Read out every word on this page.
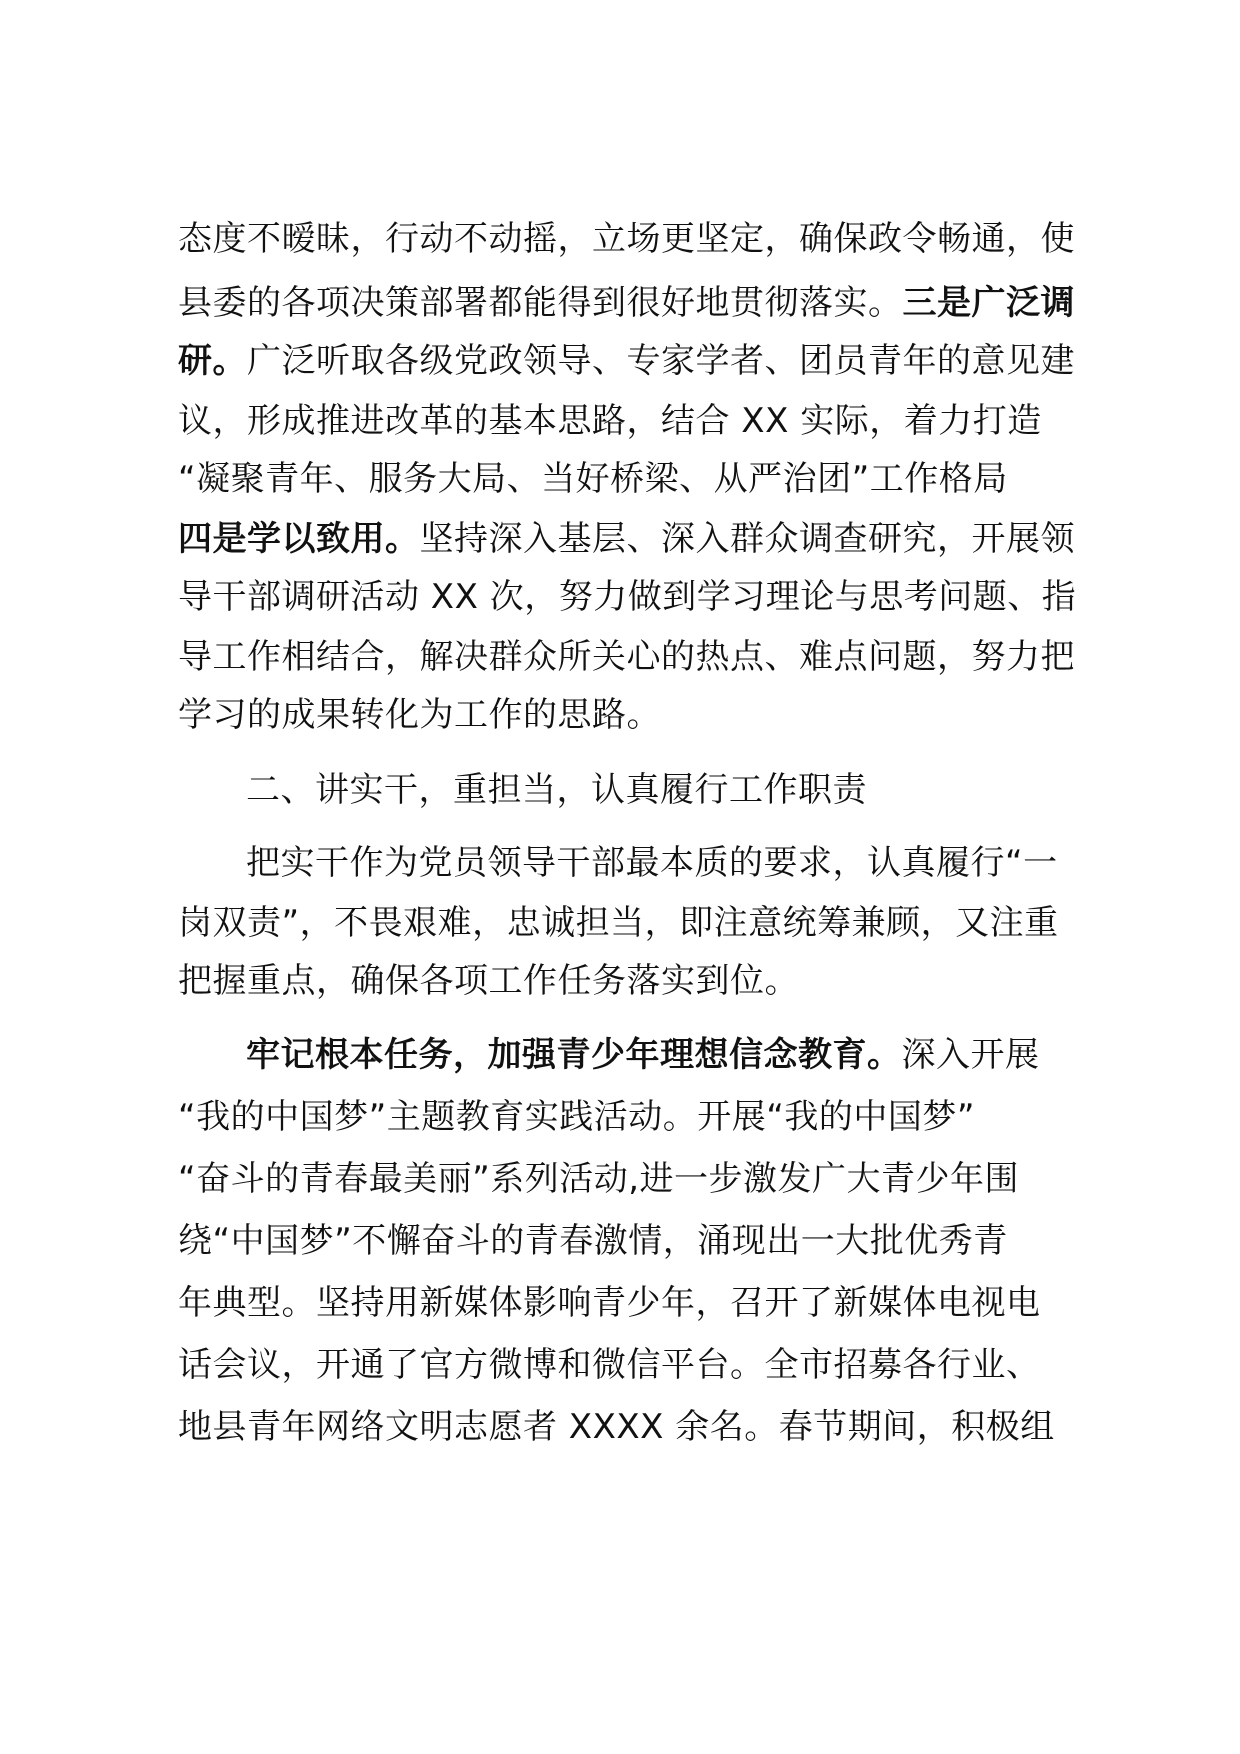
态度不暧昧，行动不动摇，立场更坚定，确保政令畅通，使
县委的各项决策部署都能得到很好地贯彻落实。三是广泛调
研。广泛听取各级党政领导、专家学者、团员青年的意见建
议，形成推进改革的基本思路，结合 XX 实际，着力打造
“凝聚青年、服务大局、当好桥梁、从严治团”工作格局
四是学以致用。坚持深入基层、深入群众调查研究，开展领
导干部调研活动 XX 次，努力做到学习理论与思考问题、指
导工作相结合，解决群众所关心的热点、难点问题，努力把
学习的成果转化为工作的思路。
二、讲实干，重担当，认真履行工作职责
把实干作为党员领导干部最本质的要求，认真履行“一
岗双责”，不畏艰难，忠诚担当，即注意统筹兼顾，又注重
把握重点，确保各项工作任务落实到位。
牢记根本任务，加强青少年理想信念教育。深入开展
“我的中国梦”主题教育实践活动。开展“我的中国梦”
“奋斗的青春最美丽”系列活动,进一步激发广大青少年围
绕“中国梦”不懈奋斗的青春激情，涌现出一大批优秀青
年典型。坚持用新媒体影响青少年，召开了新媒体电视电
话会议，开通了官方微博和微信平台。全市招募各行业、
地县青年网络文明志愿者 XXXX 余名。春节期间，积极组
